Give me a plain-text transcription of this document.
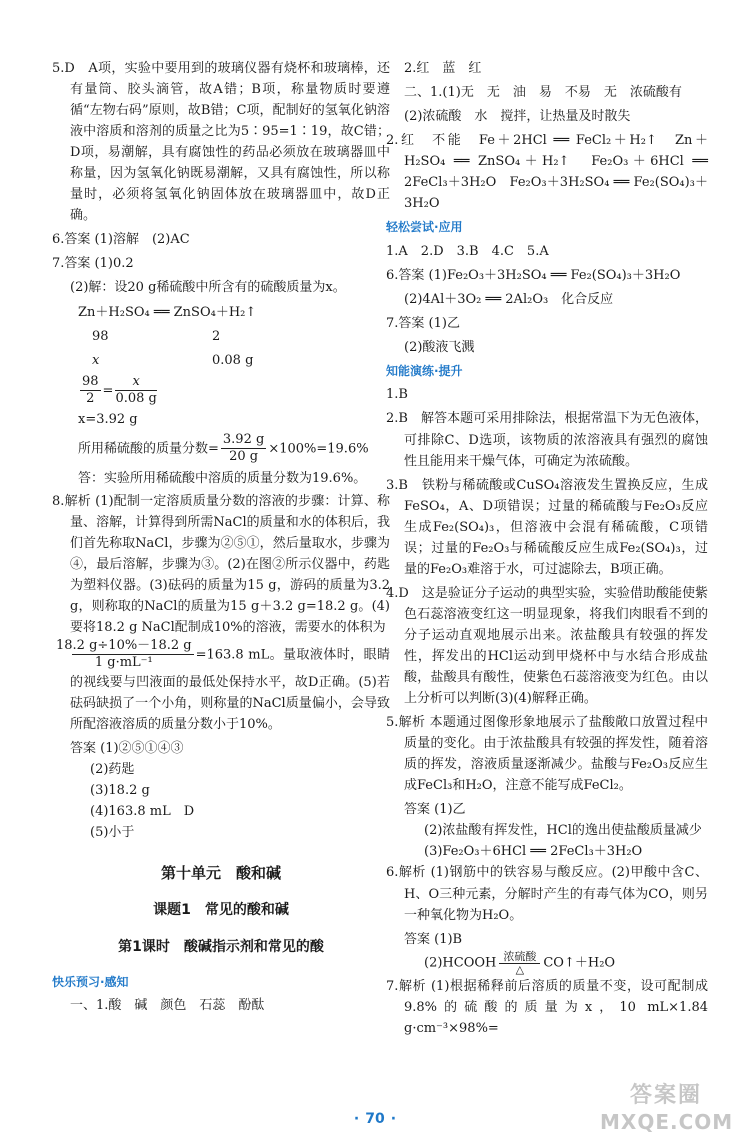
5.D　A项，实验中要用到的玻璃仪器有烧杯和玻璃棒，还有量筒、胶头滴管，故A错；B项，称量物质时要遵循“左物右码”原则，故B错；C项，配制好的氢氧化钠溶液中溶质和溶剂的质量之比为5∶95=1∶19，故C错；D项，易潮解，具有腐蚀性的药品必须放在玻璃器皿中称量，因为氢氧化钠既易潮解，又具有腐蚀性，所以称量时，必须将氢氧化钠固体放在玻璃器皿中，故D正确。

6.答案 (1)溶解　(2)AC

7.答案 (1)0.2

(2)解：设20 g稀硫酸中所含有的硫酸质量为x。

Zn＋H₂SO₄ ══ ZnSO₄＋H₂↑

98	2
x	0.08 g
$\frac{98}{2} = \frac{x}{0.08 g}$

x=3.92 g

所用稀硫酸的质量分数= $\frac{3.92 g}{20 g} \times 100\%=19.6\%$

答：实验所用稀硫酸中溶质的质量分数为19.6%。

8.解析 (1)配制一定溶质质量分数的溶液的步骤：计算、称量、溶解，计算得到所需NaCl的质量和水的体积后，我们首先称取NaCl，步骤为②⑤①，然后量取水，步骤为④，最后溶解，步骤为③。(2)在图②所示仪器中，药匙为塑料仪器。(3)砝码的质量为15 g，游码的质量为3.2 g，则称取的NaCl的质量为15 g＋3.2 g=18.2 g。(4)要将18.2 g NaCl配制成10%的溶液，需要水的体积为

$\frac{18.2 g\div 10\%-18.2 g}{\text{1 g·mL⁻¹}} =163.8$ mL。量取液体时，眼睛的视线要与凹液面的最低处保持水平，故D正确。(5)若砝码缺损了一个小角，则称量的NaCl质量偏小，会导致所配溶液溶质的质量分数小于10%。

答案 (1)②⑤①④③

(2)药匙

(3)18.2 g

(4)163.8 mL　D

(5)小于

第十单元　酸和碱
课题1　常见的酸和碱
第1课时　酸碱指示剂和常见的酸
快乐预习·感知

一、1.酸　碱　颜色　石蕊　酚酞

2.红　蓝　红

二、1.(1)无　无　油　易　不易　无　浓硫酸有

(2)浓硫酸　水　搅拌，让热量及时散失

2.红　不能　Fe＋2HCl ══ FeCl₂＋H₂↑　Zn＋H₂SO₄ ══ ZnSO₄＋H₂↑　Fe₂O₃＋6HCl ══ 2FeCl₃＋3H₂O　Fe₂O₃＋3H₂SO₄ ══ Fe₂(SO₄)₃＋3H₂O

轻松尝试·应用

1.A　2.D　3.B　4.C　5.A

6.答案 (1)Fe₂O₃＋3H₂SO₄ ══ Fe₂(SO₄)₃＋3H₂O

(2)4Al＋3O₂ ══ 2Al₂O₃　化合反应

7.答案 (1)乙

(2)酸液飞溅

知能演练·提升

1.B

2.B　解答本题可采用排除法，根据常温下为无色液体，可排除C、D选项，该物质的浓溶液具有强烈的腐蚀性且能用来干燥气体，可确定为浓硫酸。

3.B　铁粉与稀硫酸或CuSO₄溶液发生置换反应，生成FeSO₄，A、D项错误；过量的稀硫酸与Fe₂O₃反应生成Fe₂(SO₄)₃，但溶液中会混有稀硫酸，C项错误；过量的Fe₂O₃与稀硫酸反应生成Fe₂(SO₄)₃，过量的Fe₂O₃难溶于水，可过滤除去，B项正确。

4.D　这是验证分子运动的典型实验，实验借助酸能使紫色石蕊溶液变红这一明显现象，将我们肉眼看不到的分子运动直观地展示出来。浓盐酸具有较强的挥发性，挥发出的HCl运动到甲烧杯中与水结合形成盐酸，盐酸具有酸性，使紫色石蕊溶液变为红色。由以上分析可以判断(3)(4)解释正确。

5.解析 本题通过图像形象地展示了盐酸敞口放置过程中质量的变化。由于浓盐酸具有较强的挥发性，随着溶质的挥发，溶液质量逐渐减少。盐酸与Fe₂O₃反应生成FeCl₃和H₂O，注意不能写成FeCl₂。

答案 (1)乙

(2)浓盐酸有挥发性，HCl的逸出使盐酸质量减少

(3)Fe₂O₃＋6HCl ══ 2FeCl₃＋3H₂O

6.解析 (1)钢筋中的铁容易与酸反应。(2)甲酸中含C、H、O三种元素，分解时产生的有毒气体为CO，则另一种氧化物为H₂O。

答案 (1)B

(2)HCOOH 浓硫酸
△	CO↑＋H₂O

7.解析 (1)根据稀释前后溶质的质量不变，设可配制成9.8%的硫酸的质量为x，10 mL×1.84 g·cm⁻³×98%=

· 70 ·
答案圈
MXQE.COM
